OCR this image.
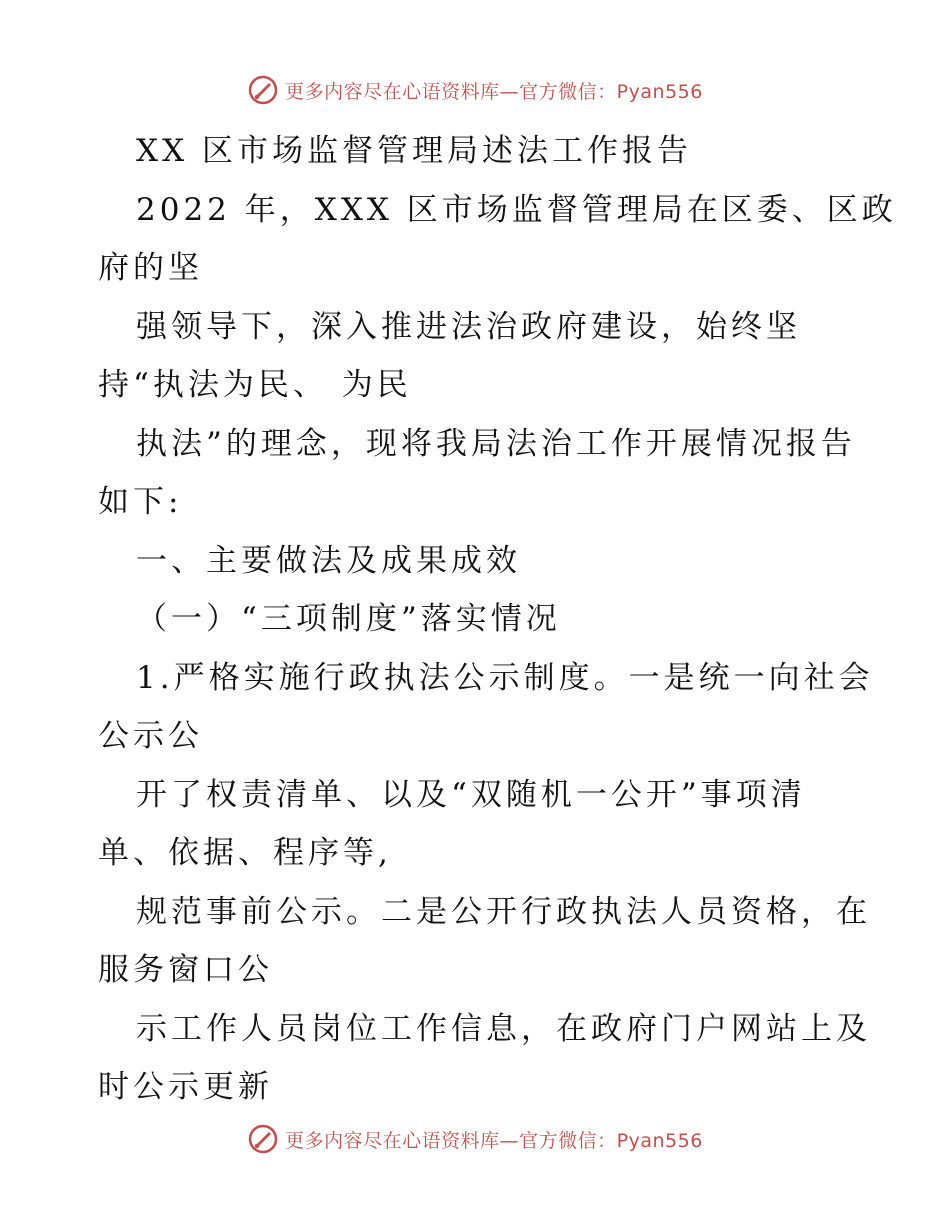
更多内容尽在心语资料库—官方微信：Pyan556
XX 区市场监督管理局述法工作报告
2022 年，XXX 区市场监督管理局在区委、区政
府的坚
强领导下，深入推进法治政府建设，始终坚
持“执法为民、 为民
执法”的理念，现将我局法治工作开展情况报告
如下:
一、主要做法及成果成效
（一）“三项制度”落实情况
1.严格实施行政执法公示制度。一是统一向社会
公示公
开了权责清单、以及“双随机一公开”事项清
单、依据、程序等,
规范事前公示。二是公开行政执法人员资格，在
服务窗口公
示工作人员岗位工作信息，在政府门户网站上及
时公示更新
更多内容尽在心语资料库—官方微信：Pyan556
